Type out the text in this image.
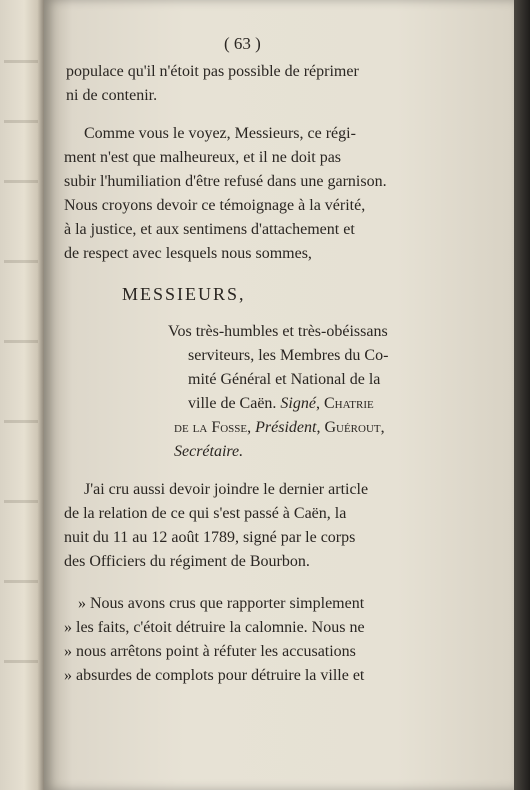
( 63 )
populace qu'il n'étoit pas possible de réprimer
ni de contenir.
Comme vous le voyez, Messieurs, ce régi-
ment n'est que malheureux, et il ne doit pas
subir l'humiliation d'être refusé dans une garnison.
Nous croyons devoir ce témoignage à la vérité,
à la justice, et aux sentimens d'attachement et
de respect avec lesquels nous sommes,
MESSIEURS,
Vos très-humbles et très-obéissans
serviteurs, les Membres du Co-
mité Général et National de la
ville de Caën. Signé, Chatrie
de la Fosse, Président, Guérout,
Secrétaire.
J'ai cru aussi devoir joindre le dernier article
de la relation de ce qui s'est passé à Caën, la
nuit du 11 au 12 août 1789, signé par le corps
des Officiers du régiment de Bourbon.
» Nous avons crus que rapporter simplement
» les faits, c'étoit détruire la calomnie. Nous ne
» nous arrêtons point à réfuter les accusations
» absurdes de complots pour détruire la ville et
